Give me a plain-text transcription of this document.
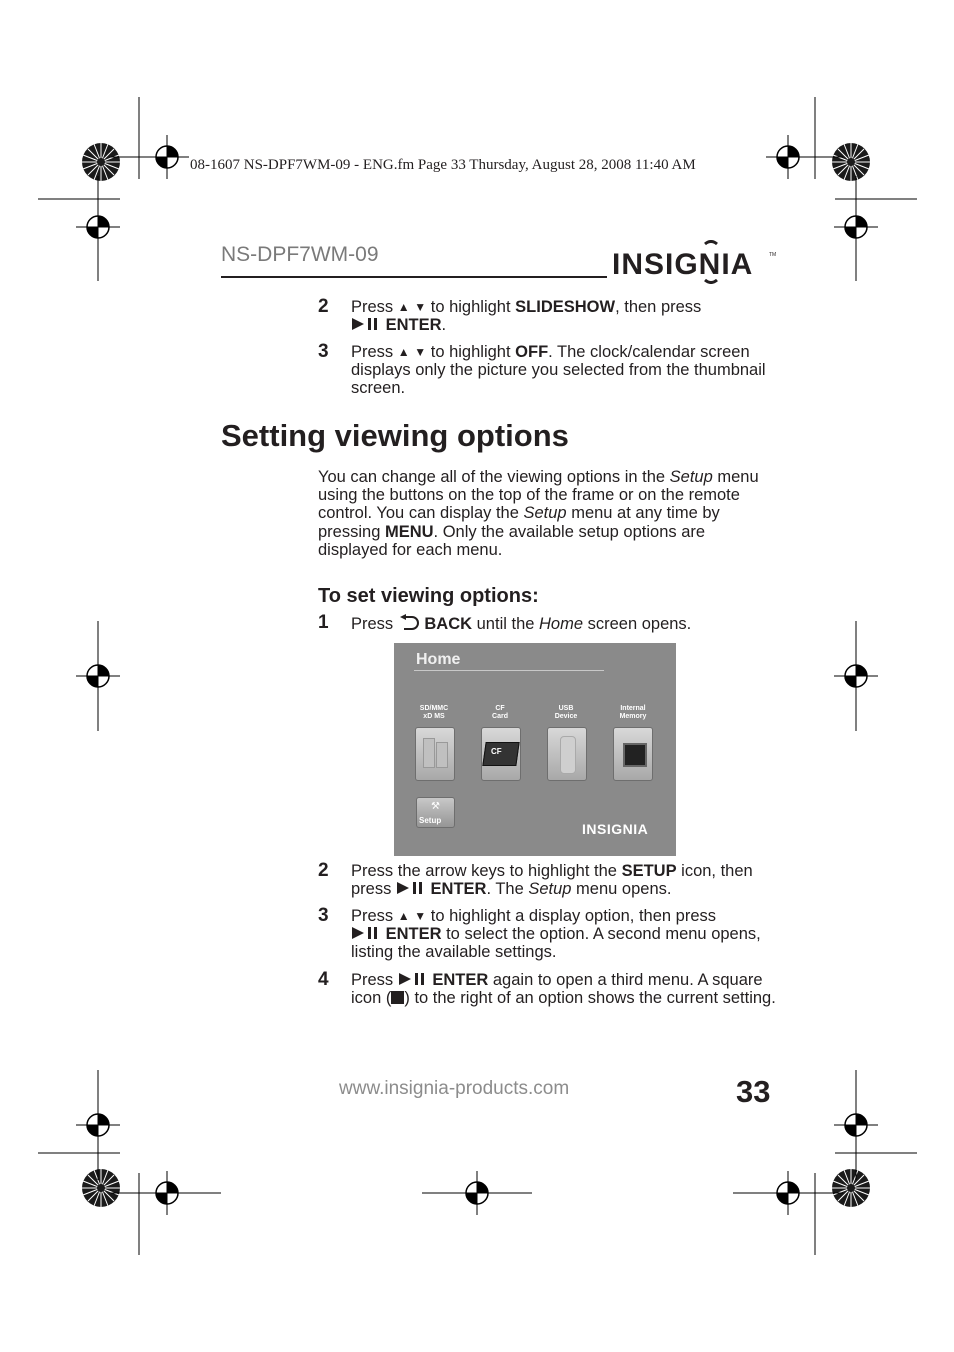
08-1607 NS-DPF7WM-09 - ENG.fm Page 33 Thursday, August 28, 2008 11:40 AM
NS-DPF7WM-09	INSIGNIA	TM
2 Press ▲ ▼ to highlight SLIDESHOW, then press
ENTER.
3 Press ▲ ▼ to highlight OFF. The clock/calendar screen displays only the picture you selected from the thumbnail screen.
Setting viewing options
You can change all of the viewing options in the Setup menu using the buttons on the top of the frame or on the remote control. You can display the Setup menu at any time by pressing MENU. Only the available setup options are displayed for each menu.
To set viewing options:
1 Press BACK until the Home screen opens.
Home
SD/MMC
xD MS
CF
Card
USB
Device
Internal
Memory
CF
⚒
Setup
INSIGNIA
2 Press the arrow keys to highlight the SETUP icon, then press  ENTER. The Setup menu opens.
3 Press ▲ ▼ to highlight a display option, then press
ENTER to select the option. A second menu opens, listing the available settings.
4 Press ENTER again to open a third menu. A square icon ( ) to the right of an option shows the current setting.
www.insignia-products.com	33
